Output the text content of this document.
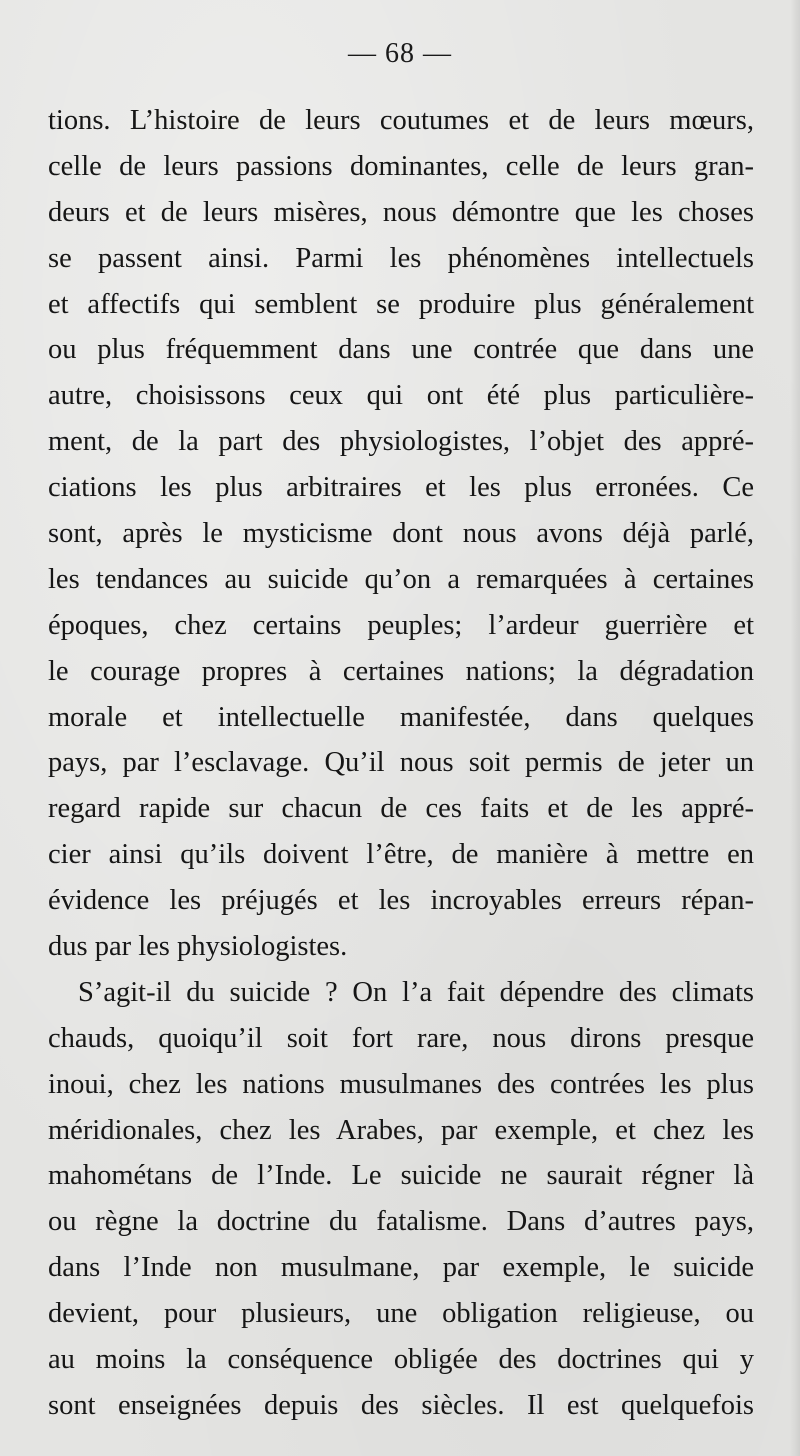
— 68 —
tions. L’histoire de leurs coutumes et de leurs mœurs,
celle de leurs passions dominantes, celle de leurs gran-
deurs et de leurs misères, nous démontre que les choses
se passent ainsi. Parmi les phénomènes intellectuels
et affectifs qui semblent se produire plus généralement
ou plus fréquemment dans une contrée que dans une
autre, choisissons ceux qui ont été plus particulière-
ment, de la part des physiologistes, l’objet des appré-
ciations les plus arbitraires et les plus erronées. Ce
sont, après le mysticisme dont nous avons déjà parlé,
les tendances au suicide qu’on a remarquées à certaines
époques, chez certains peuples; l’ardeur guerrière et
le courage propres à certaines nations; la dégradation
morale et intellectuelle manifestée, dans quelques
pays, par l’esclavage. Qu’il nous soit permis de jeter un
regard rapide sur chacun de ces faits et de les appré-
cier ainsi qu’ils doivent l’être, de manière à mettre en
évidence les préjugés et les incroyables erreurs répan-
dus par les physiologistes.
S’agit-il du suicide ? On l’a fait dépendre des climats
chauds, quoiqu’il soit fort rare, nous dirons presque
inoui, chez les nations musulmanes des contrées les plus
méridionales, chez les Arabes, par exemple, et chez les
mahométans de l’Inde. Le suicide ne saurait régner là
ou règne la doctrine du fatalisme. Dans d’autres pays,
dans l’Inde non musulmane, par exemple, le suicide
devient, pour plusieurs, une obligation religieuse, ou
au moins la conséquence obligée des doctrines qui y
sont enseignées depuis des siècles. Il est quelquefois
